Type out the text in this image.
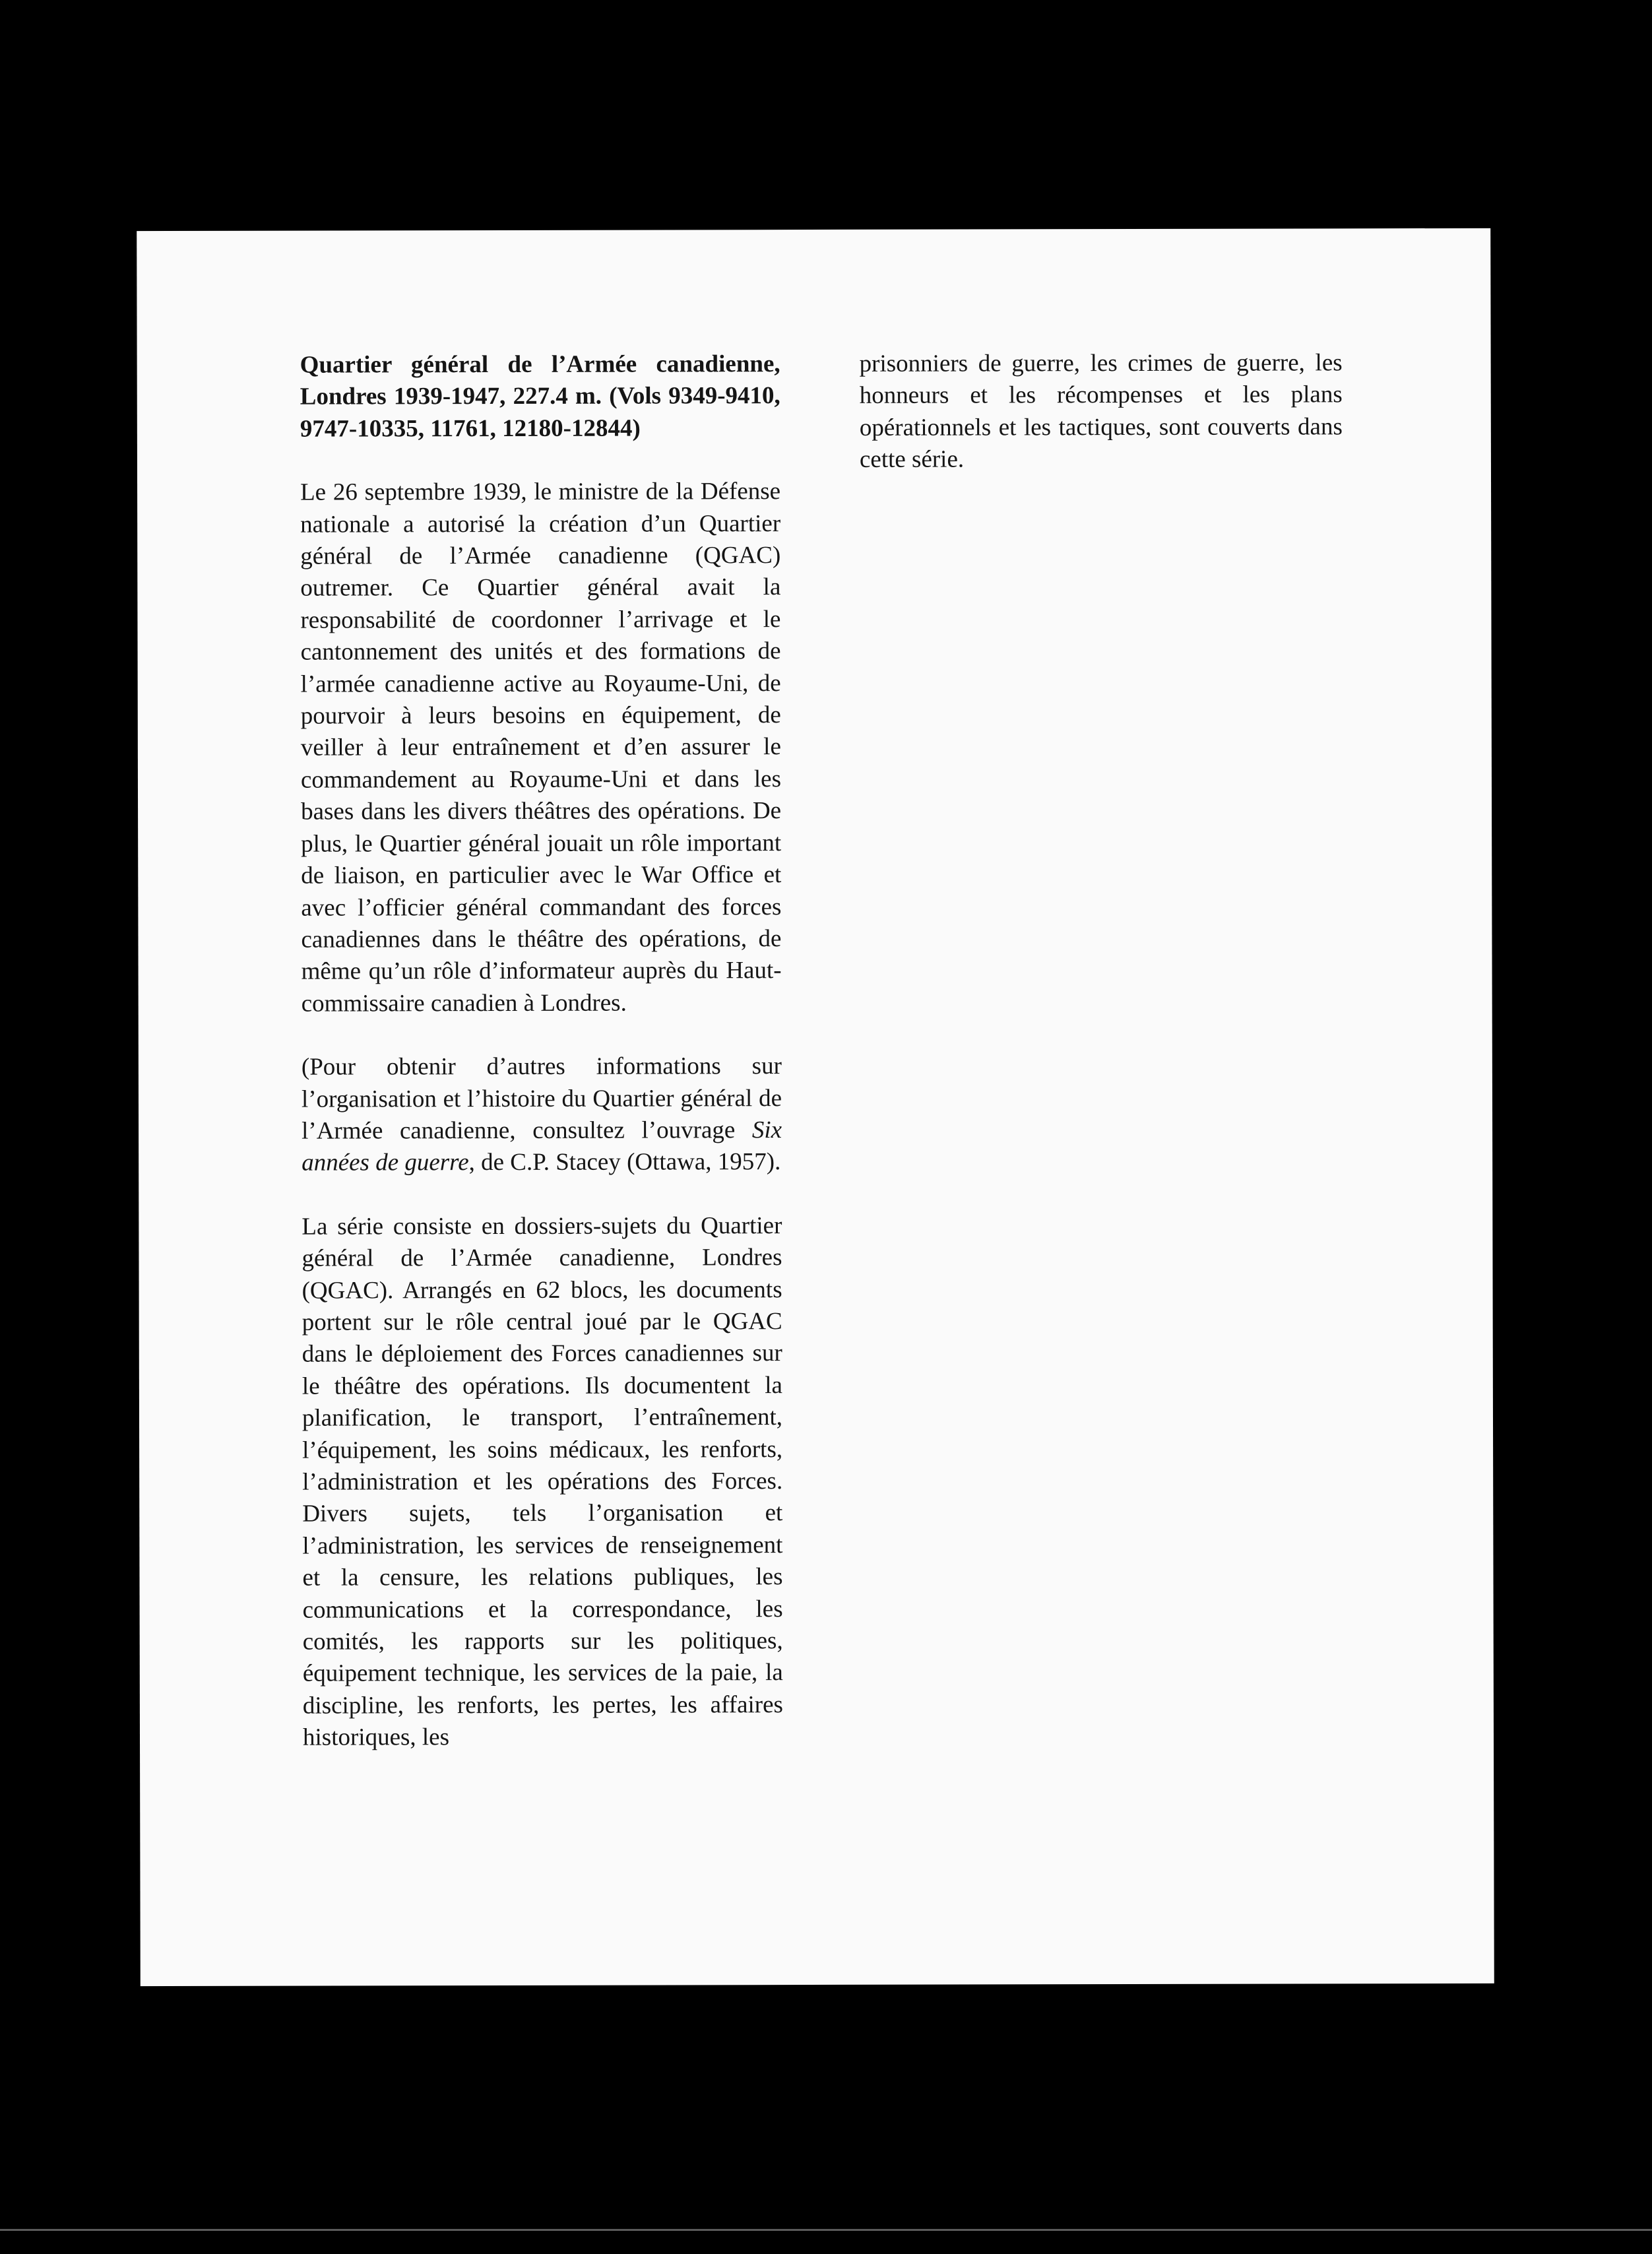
Quartier général de l’Armée canadienne, Londres 1939-1947, 227.4 m. (Vols 9349-9410, 9747-10335, 11761, 12180-12844)

Le 26 septembre 1939, le ministre de la Défense nationale a autorisé la création d’un Quartier général de l’Armée canadienne (QGAC) outremer. Ce Quartier général avait la responsabilité de coordonner l’arrivage et le cantonnement des unités et des formations de l’armée canadienne active au Royaume-Uni, de pourvoir à leurs besoins en équipement, de veiller à leur entraînement et d’en assurer le commandement au Royaume-Uni et dans les bases dans les divers théâtres des opérations. De plus, le Quartier général jouait un rôle important de liaison, en particulier avec le War Office et avec l’officier général commandant des forces canadiennes dans le théâtre des opérations, de même qu’un rôle d’informateur auprès du Haut-commissaire canadien à Londres.

(Pour obtenir d’autres informations sur l’organisation et l’histoire du Quartier général de l’Armée canadienne, consultez l’ouvrage Six années de guerre, de C.P. Stacey (Ottawa, 1957).

La série consiste en dossiers-sujets du Quartier général de l’Armée canadienne, Londres (QGAC). Arrangés en 62 blocs, les documents portent sur le rôle central joué par le QGAC dans le déploiement des Forces canadiennes sur le théâtre des opérations. Ils documentent la planification, le transport, l’entraînement, l’équipement, les soins médicaux, les renforts, l’administration et les opérations des Forces. Divers sujets, tels l’organisation et l’administration, les services de renseignement et la censure, les relations publiques, les communications et la correspondance, les comités, les rapports sur les politiques, équipement technique, les services de la paie, la discipline, les renforts, les pertes, les affaires historiques, les

prisonniers de guerre, les crimes de guerre, les honneurs et les récompenses et les plans opérationnels et les tactiques, sont couverts dans cette série.
